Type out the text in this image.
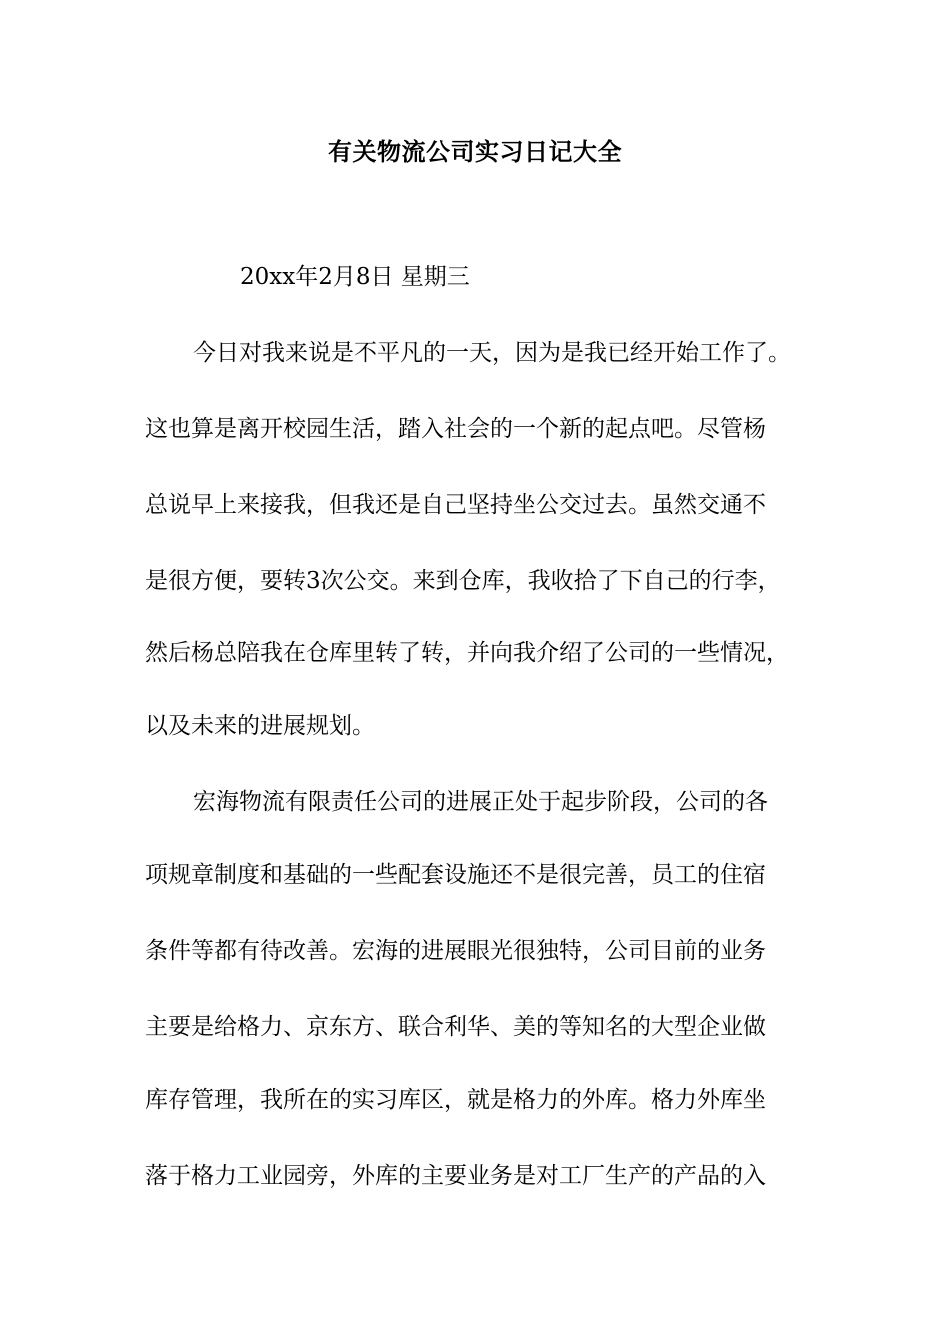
有关物流公司实习日记大全

20xx年2月8日 星期三

今日对我来说是不平凡的一天，因为是我已经开始工作了。

这也算是离开校园生活，踏入社会的一个新的起点吧。尽管杨

总说早上来接我，但我还是自己坚持坐公交过去。虽然交通不

是很方便，要转3次公交。来到仓库，我收拾了下自己的行李，

然后杨总陪我在仓库里转了转，并向我介绍了公司的一些情况，

以及未来的进展规划。

宏海物流有限责任公司的进展正处于起步阶段，公司的各

项规章制度和基础的一些配套设施还不是很完善，员工的住宿

条件等都有待改善。宏海的进展眼光很独特，公司目前的业务

主要是给格力、京东方、联合利华、美的等知名的大型企业做

库存管理，我所在的实习库区，就是格力的外库。格力外库坐

落于格力工业园旁，外库的主要业务是对工厂生产的产品的入
